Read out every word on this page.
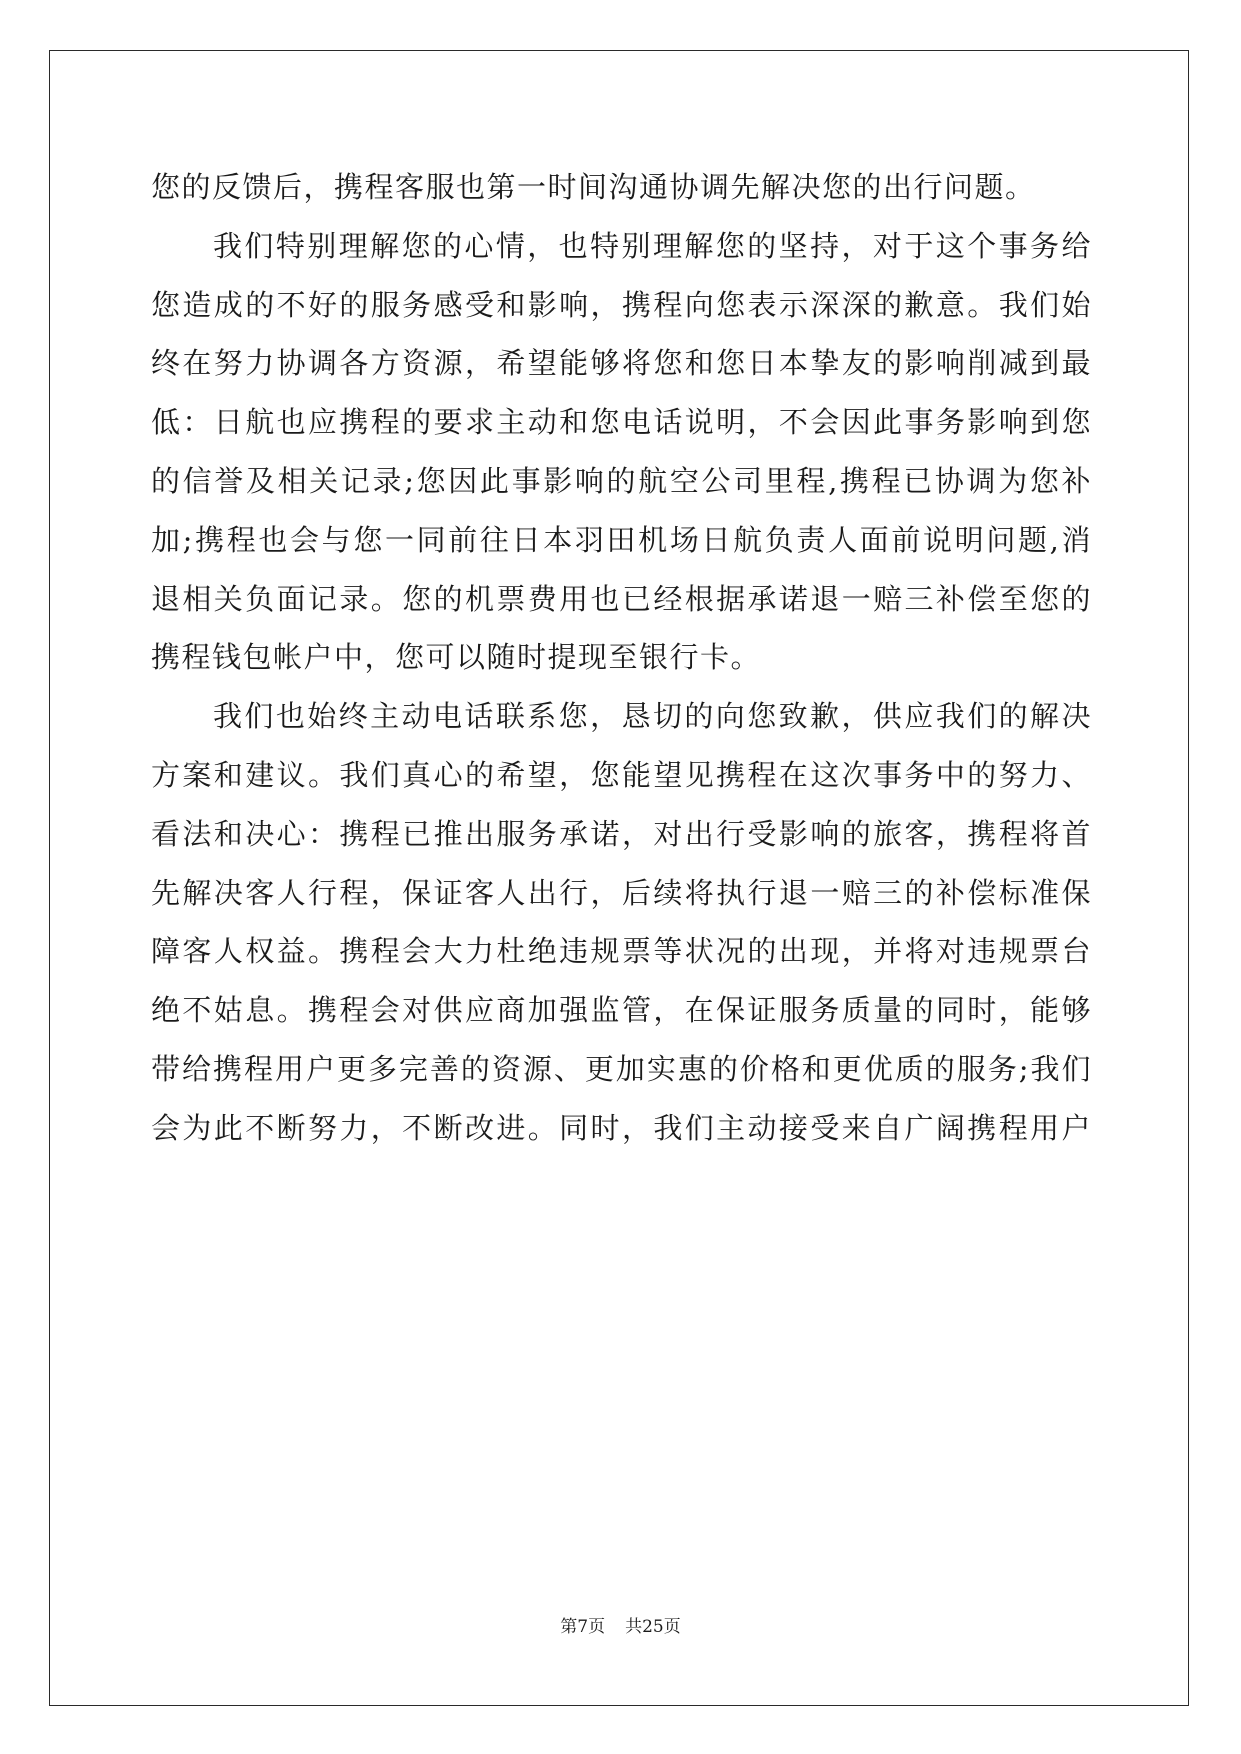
您的反馈后，携程客服也第一时间沟通协调先解决您的出行问题。
我们特别理解您的心情，也特别理解您的坚持，对于这个事务给
您造成的不好的服务感受和影响，携程向您表示深深的歉意。我们始
终在努力协调各方资源，希望能够将您和您日本挚友的影响削减到最
低：日航也应携程的要求主动和您电话说明，不会因此事务影响到您
的信誉及相关记录;您因此事影响的航空公司里程,携程已协调为您补
加;携程也会与您一同前往日本羽田机场日航负责人面前说明问题,消
退相关负面记录。您的机票费用也已经根据承诺退一赔三补偿至您的
携程钱包帐户中，您可以随时提现至银行卡。
我们也始终主动电话联系您，恳切的向您致歉，供应我们的解决
方案和建议。我们真心的希望，您能望见携程在这次事务中的努力、
看法和决心：携程已推出服务承诺，对出行受影响的旅客，携程将首
先解决客人行程，保证客人出行，后续将执行退一赔三的补偿标准保
障客人权益。携程会大力杜绝违规票等状况的出现，并将对违规票台
绝不姑息。携程会对供应商加强监管，在保证服务质量的同时，能够
带给携程用户更多完善的资源、更加实惠的价格和更优质的服务;我们
会为此不断努力，不断改进。同时，我们主动接受来自广阔携程用户
第7页 共25页
